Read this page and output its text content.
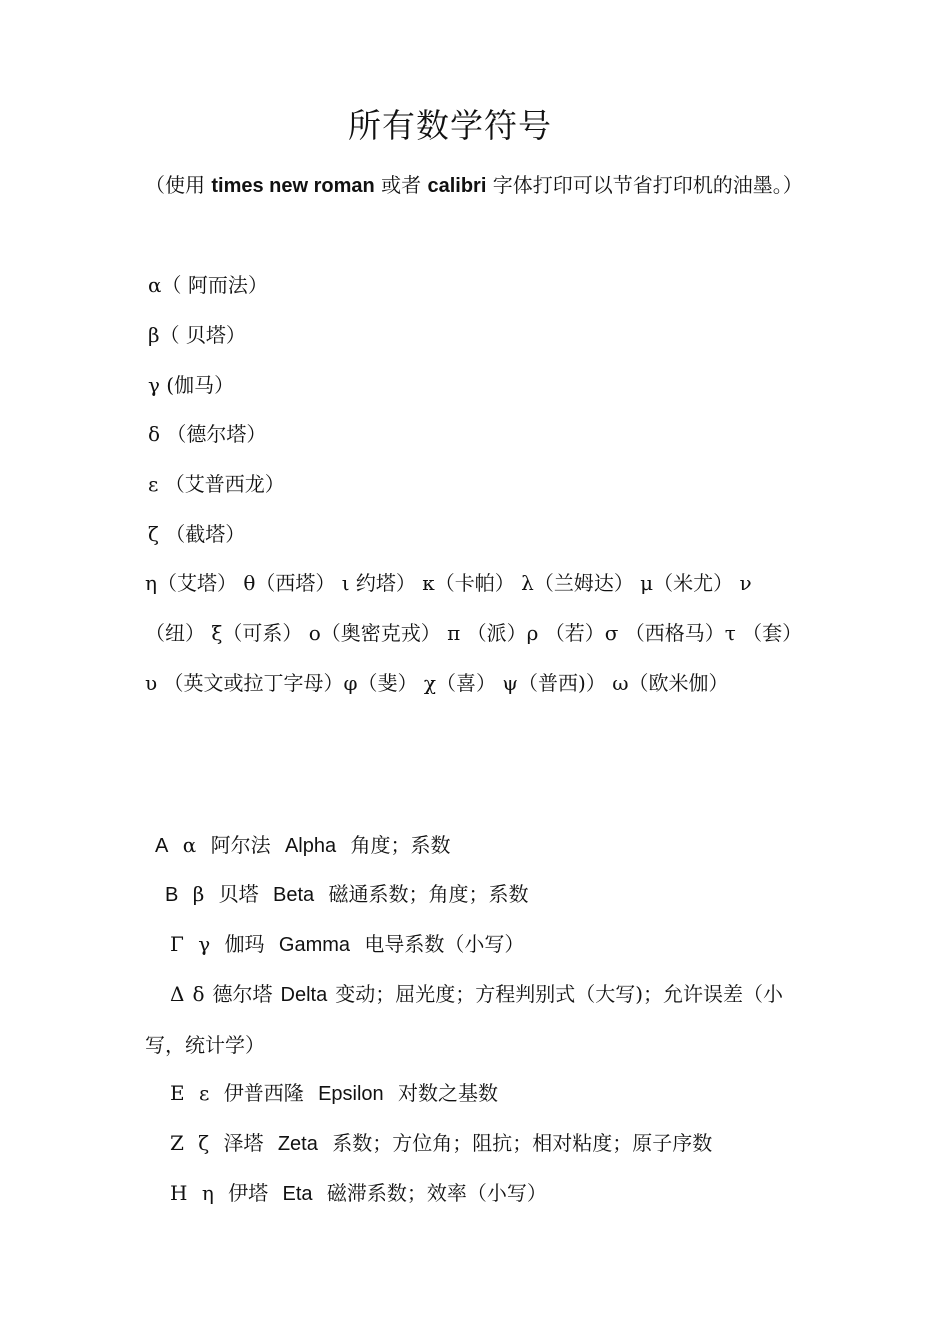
所有数学符号

（使用 times new roman 或者 calibri 字体打印可以节省打印机的油墨。）

α（ 阿而法）
β（ 贝塔）
γ (伽马）
δ （德尔塔）
ε （艾普西龙）
ζ （截塔）

η（艾塔） θ（西塔） ι 约塔） κ（卡帕） λ（兰姆达） μ（米尤） ν（纽） ξ（可系） ο（奥密克戎） π （派）ρ （若）σ （西格马）τ （套）υ （英文或拉丁字母）φ（斐） χ（喜） ψ（普西)） ω（欧米伽）

A α 阿尔法 Alpha 角度；系数
B β 贝塔 Beta 磁通系数；角度；系数
Γ γ 伽玛 Gamma 电导系数（小写）

Δ δ 德尔塔 Delta 变动；屈光度；方程判别式（大写)；允许误差（小写，统计学）

Ε ε 伊普西隆 Epsilon 对数之基数
Ζ ζ 泽塔 Zeta 系数；方位角；阻抗；相对粘度；原子序数
Η η 伊塔 Eta 磁滞系数；效率（小写）
